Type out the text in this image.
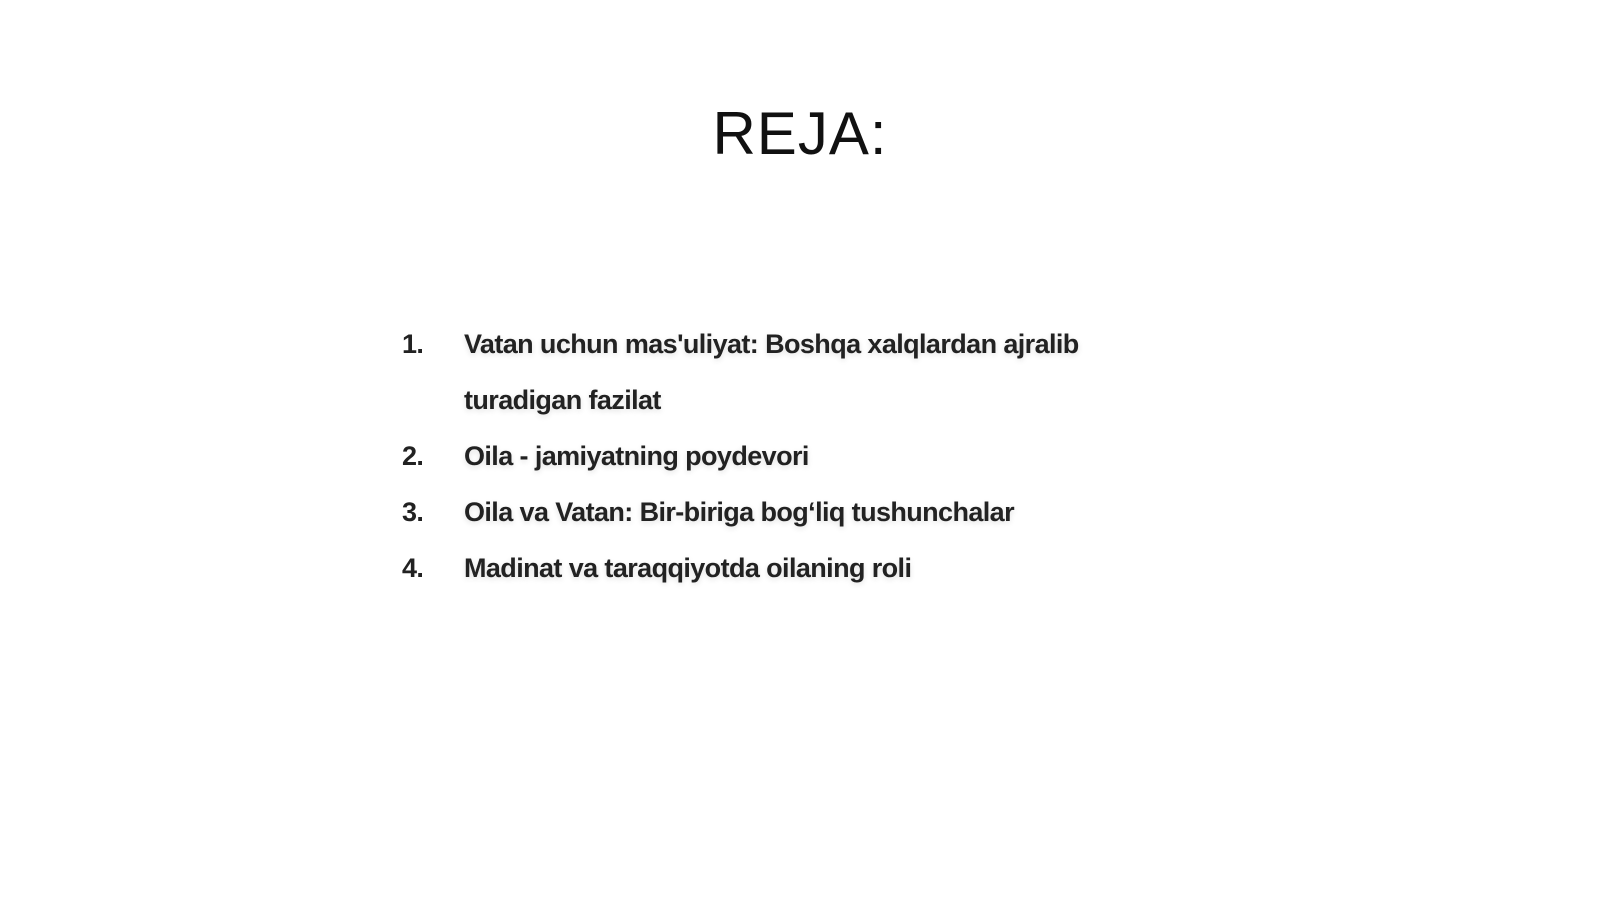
REJA:
1.	Vatan uchun mas'uliyat: Boshqa xalqlardan ajralib turadigan fazilat
2.	Oila - jamiyatning poydevori
3.	Oila va Vatan: Bir-biriga bog‘liq tushunchalar
4.	Madinat va taraqqiyotda oilaning roli
